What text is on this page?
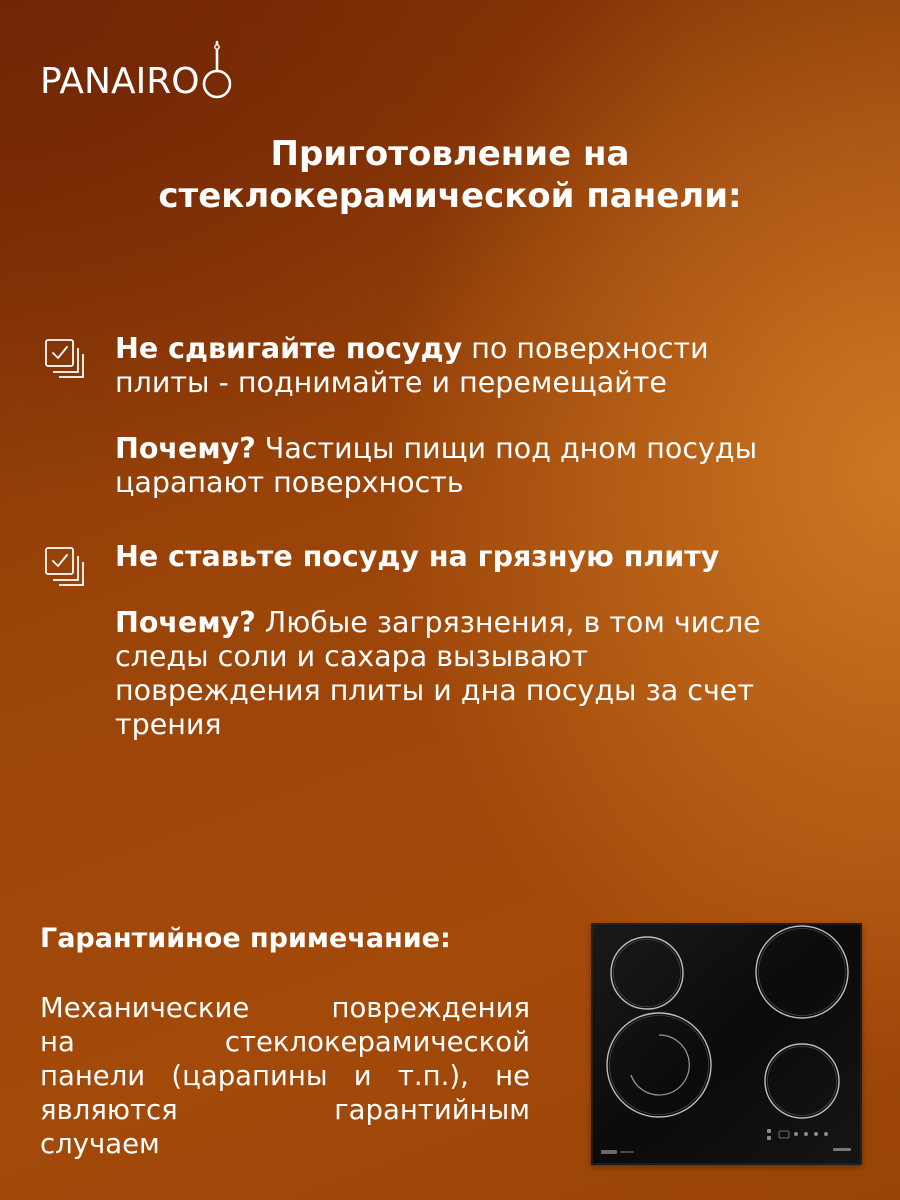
PANAIRO
Приготовление на
стеклокерамической панели:
Не сдвигайте посуду по поверхности
плиты - поднимайте и перемещайте
Почему? Частицы пищи под дном посуды
царапают поверхность
Не ставьте посуду на грязную плиту
Почему? Любые загрязнения, в том числе
следы соли и сахара вызывают
повреждения плиты и дна посуды за счет
трения
Гарантийное примечание:
Механические повреждения
на стеклокерамической
панели (царапины и т.п.), не
являются гарантийным
случаем
